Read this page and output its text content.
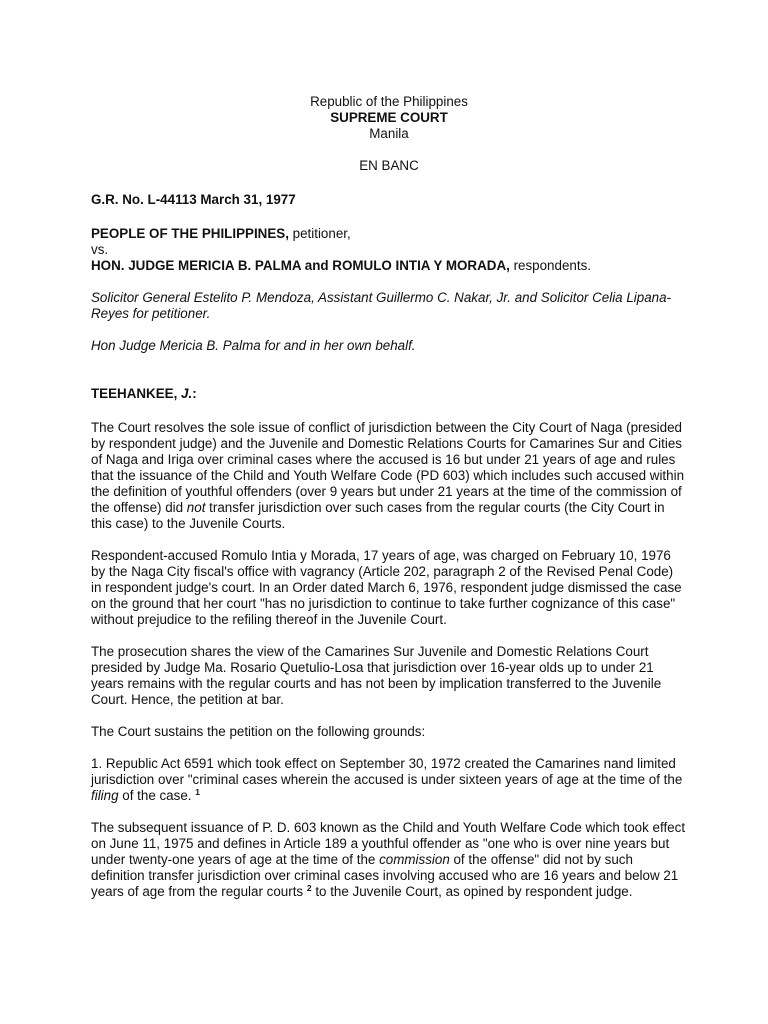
Republic of the Philippines

SUPREME COURT

Manila

EN BANC

G.R. No. L-44113 March 31, 1977

PEOPLE OF THE PHILIPPINES, petitioner,

vs.

HON. JUDGE MERICIA B. PALMA and ROMULO INTIA Y MORADA, respondents.

Solicitor General Estelito P. Mendoza, Assistant Guillermo C. Nakar, Jr. and Solicitor Celia Lipana-Reyes for petitioner.

Hon Judge Mericia B. Palma for and in her own behalf.

TEEHANKEE, J.:

The Court resolves the sole issue of conflict of jurisdiction between the City Court of Naga (presided by respondent judge) and the Juvenile and Domestic Relations Courts for Camarines Sur and Cities of Naga and Iriga over criminal cases where the accused is 16 but under 21 years of age and rules that the issuance of the Child and Youth Welfare Code (PD 603) which includes such accused within the definition of youthful offenders (over 9 years but under 21 years at the time of the commission of the offense) did not transfer jurisdiction over such cases from the regular courts (the City Court in this case) to the Juvenile Courts.

Respondent-accused Romulo Intia y Morada, 17 years of age, was charged on February 10, 1976 by the Naga City fiscal's office with vagrancy (Article 202, paragraph 2 of the Revised Penal Code) in respondent judge's court. In an Order dated March 6, 1976, respondent judge dismissed the case on the ground that her court "has no jurisdiction to continue to take further cognizance of this case" without prejudice to the refiling thereof in the Juvenile Court.

The prosecution shares the view of the Camarines Sur Juvenile and Domestic Relations Court presided by Judge Ma. Rosario Quetulio-Losa that jurisdiction over 16-year olds up to under 21 years remains with the regular courts and has not been by implication transferred to the Juvenile Court. Hence, the petition at bar.

The Court sustains the petition on the following grounds:

1. Republic Act 6591 which took effect on September 30, 1972 created the Camarines nand limited jurisdiction over "criminal cases wherein the accused is under sixteen years of age at the time of the filing of the case. $^1$

The subsequent issuance of P. D. 603 known as the Child and Youth Welfare Code which took effect on June 11, 1975 and defines in Article 189 a youthful offender as "one who is over nine years but under twenty-one years of age at the time of the commission of the offense" did not by such definition transfer jurisdiction over criminal cases involving accused who are 16 years and below 21 years of age from the regular courts $^2$ to the Juvenile Court, as opined by respondent judge.
